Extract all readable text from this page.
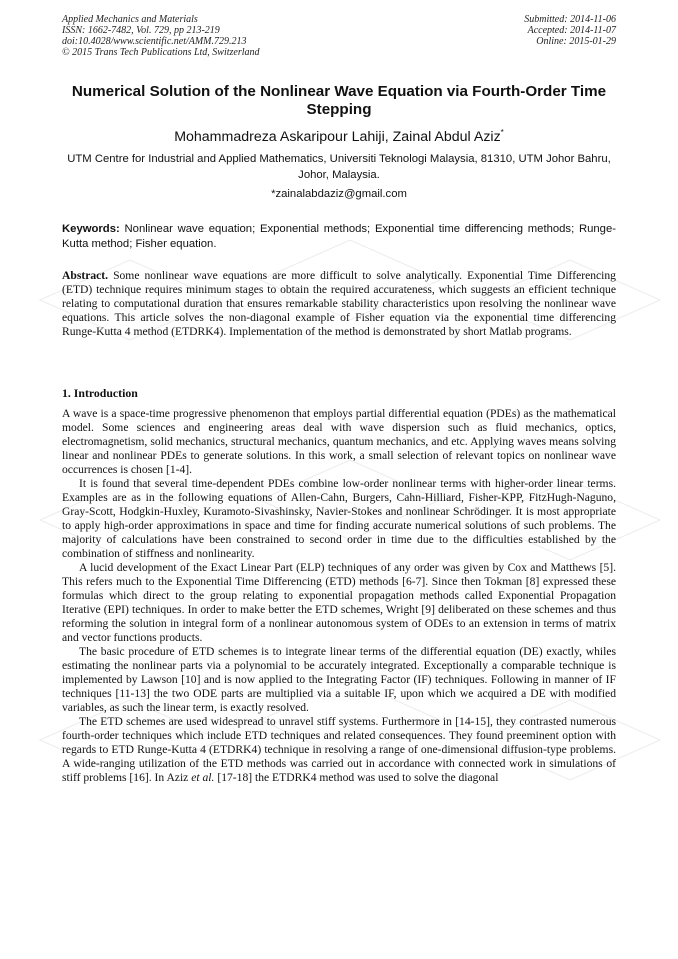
Applied Mechanics and Materials
ISSN: 1662-7482, Vol. 729, pp 213-219
doi:10.4028/www.scientific.net/AMM.729.213
© 2015 Trans Tech Publications Ltd, Switzerland
Submitted: 2014-11-06
Accepted: 2014-11-07
Online: 2015-01-29
Numerical Solution of the Nonlinear Wave Equation via Fourth-Order Time Stepping
Mohammadreza Askaripour Lahiji, Zainal Abdul Aziz*
UTM Centre for Industrial and Applied Mathematics, Universiti Teknologi Malaysia, 81310, UTM Johor Bahru, Johor, Malaysia.
*zainalabdaziz@gmail.com
Keywords: Nonlinear wave equation; Exponential methods; Exponential time differencing methods; Runge-Kutta method; Fisher equation.
Abstract. Some nonlinear wave equations are more difficult to solve analytically. Exponential Time Differencing (ETD) technique requires minimum stages to obtain the required accurateness, which suggests an efficient technique relating to computational duration that ensures remarkable stability characteristics upon resolving the nonlinear wave equations. This article solves the non-diagonal example of Fisher equation via the exponential time differencing Runge-Kutta 4 method (ETDRK4). Implementation of the method is demonstrated by short Matlab programs.
1. Introduction

A wave is a space-time progressive phenomenon that employs partial differential equation (PDEs) as the mathematical model. Some sciences and engineering areas deal with wave dispersion such as fluid mechanics, optics, electromagnetism, solid mechanics, structural mechanics, quantum mechanics, and etc. Applying waves means solving linear and nonlinear PDEs to generate solutions. In this work, a small selection of relevant topics on nonlinear wave occurrences is chosen [1-4].

It is found that several time-dependent PDEs combine low-order nonlinear terms with higher-order linear terms. Examples are as in the following equations of Allen-Cahn, Burgers, Cahn-Hilliard, Fisher-KPP, FitzHugh-Naguno, Gray-Scott, Hodgkin-Huxley, Kuramoto-Sivashinsky, Navier-Stokes and nonlinear Schrödinger. It is most appropriate to apply high-order approximations in space and time for finding accurate numerical solutions of such problems. The majority of calculations have been constrained to second order in time due to the difficulties established by the combination of stiffness and nonlinearity.

A lucid development of the Exact Linear Part (ELP) techniques of any order was given by Cox and Matthews [5]. This refers much to the Exponential Time Differencing (ETD) methods [6-7]. Since then Tokman [8] expressed these formulas which direct to the group relating to exponential propagation methods called Exponential Propagation Iterative (EPI) techniques. In order to make better the ETD schemes, Wright [9] deliberated on these schemes and thus reforming the solution in integral form of a nonlinear autonomous system of ODEs to an extension in terms of matrix and vector functions products.

The basic procedure of ETD schemes is to integrate linear terms of the differential equation (DE) exactly, whiles estimating the nonlinear parts via a polynomial to be accurately integrated. Exceptionally a comparable technique is implemented by Lawson [10] and is now applied to the Integrating Factor (IF) techniques. Following in manner of IF techniques [11-13] the two ODE parts are multiplied via a suitable IF, upon which we acquired a DE with modified variables, as such the linear term, is exactly resolved.

The ETD schemes are used widespread to unravel stiff systems. Furthermore in [14-15], they contrasted numerous fourth-order techniques which include ETD techniques and related consequences. They found preeminent option with regards to ETD Runge-Kutta 4 (ETDRK4) technique in resolving a range of one-dimensional diffusion-type problems. A wide-ranging utilization of the ETD methods was carried out in accordance with connected work in simulations of stiff problems [16]. In Aziz et al. [17-18] the ETDRK4 method was used to solve the diagonal
